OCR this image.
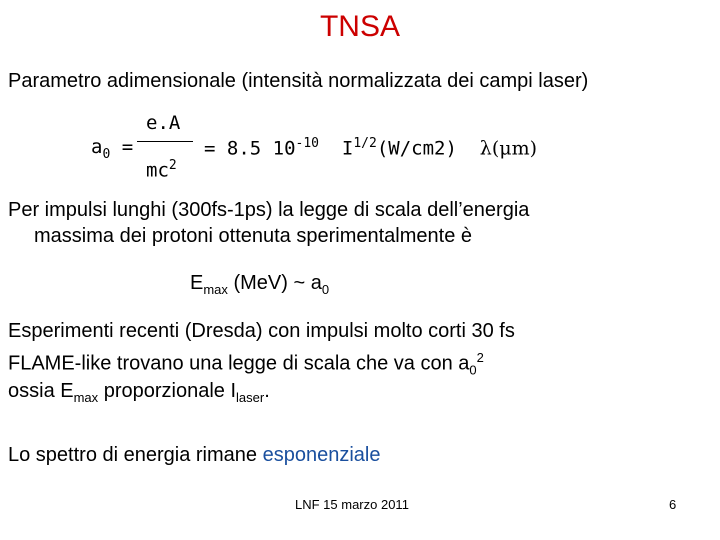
TNSA
Parametro adimensionale (intensità normalizzata dei campi laser)
$a_0$ =
e.A
$mc^2$
= 8.5 $10^{-10}$ $I^{1/2}(W/cm2)$ λ(μm)
Per impulsi lunghi (300fs-1ps) la legge di scala dell’energia
massima dei protoni ottenuta sperimentalmente è
$E_{max}$ (MeV) ~ $a_0$
Esperimenti recenti (Dresda) con impulsi molto corti 30 fs
FLAME-like trovano una legge di scala che va con $a_0^2$
ossia $E_{max}$ proporzionale $I_{laser}$.
Lo spettro di energia rimane esponenziale
LNF 15 marzo 2011	6
